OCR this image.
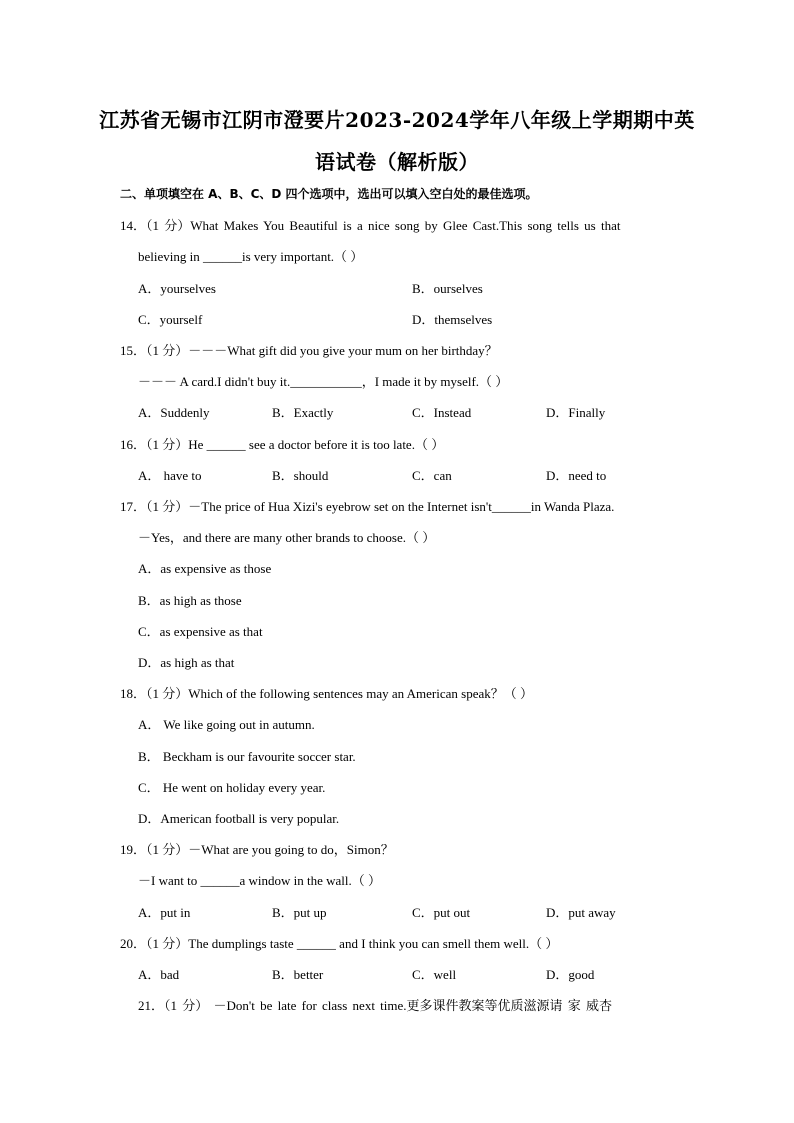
江苏省无锡市江阴市澄要片2023-2024学年八年级上学期期中英
语试卷（解析版）
二、单项填空在 A、B、C、D 四个选项中，选出可以填入空白处的最佳选项。
14．（1 分）What Makes You Beautiful is a nice song by Glee Cast.This song tells us that
believing in ______is very important.（ ）
A．yourselves	B．ourselves
C．yourself	D．themselves
15．（1 分）－－－What gift did you give your mum on her birthday？
－－－ A card.I didn't buy it.___________，I made it by myself.（ ）
A．Suddenly	B．Exactly	C．Instead	D．Finally
16．（1 分）He ______ see a doctor before it is too late.（ ）
A． have to	B．should	C．can	D．need to
17．（1 分）－The price of Hua Xizi's eyebrow set on the Internet isn't______in Wanda Plaza.
－Yes，and there are many other brands to choose.（ ）
A．as expensive as those
B．as high as those
C．as expensive as that
D．as high as that
18．（1 分）Which of the following sentences may an American speak？（ ）
A． We like going out in autumn.
B． Beckham is our favourite soccer star.
C． He went on holiday every year.
D．American football is very popular.
19．（1 分）－What are you going to do，Simon？
－I want to ______a window in the wall.（ ）
A．put in	B．put up	C．put out	D．put away
20．（1 分）The dumplings taste ______ and I think you can smell them well.（ ）
A．bad	B．better	C．well	D．good
21．（1 分） －Don't be late for class next time.更多课件教案等优质滋源请 家 威杏
